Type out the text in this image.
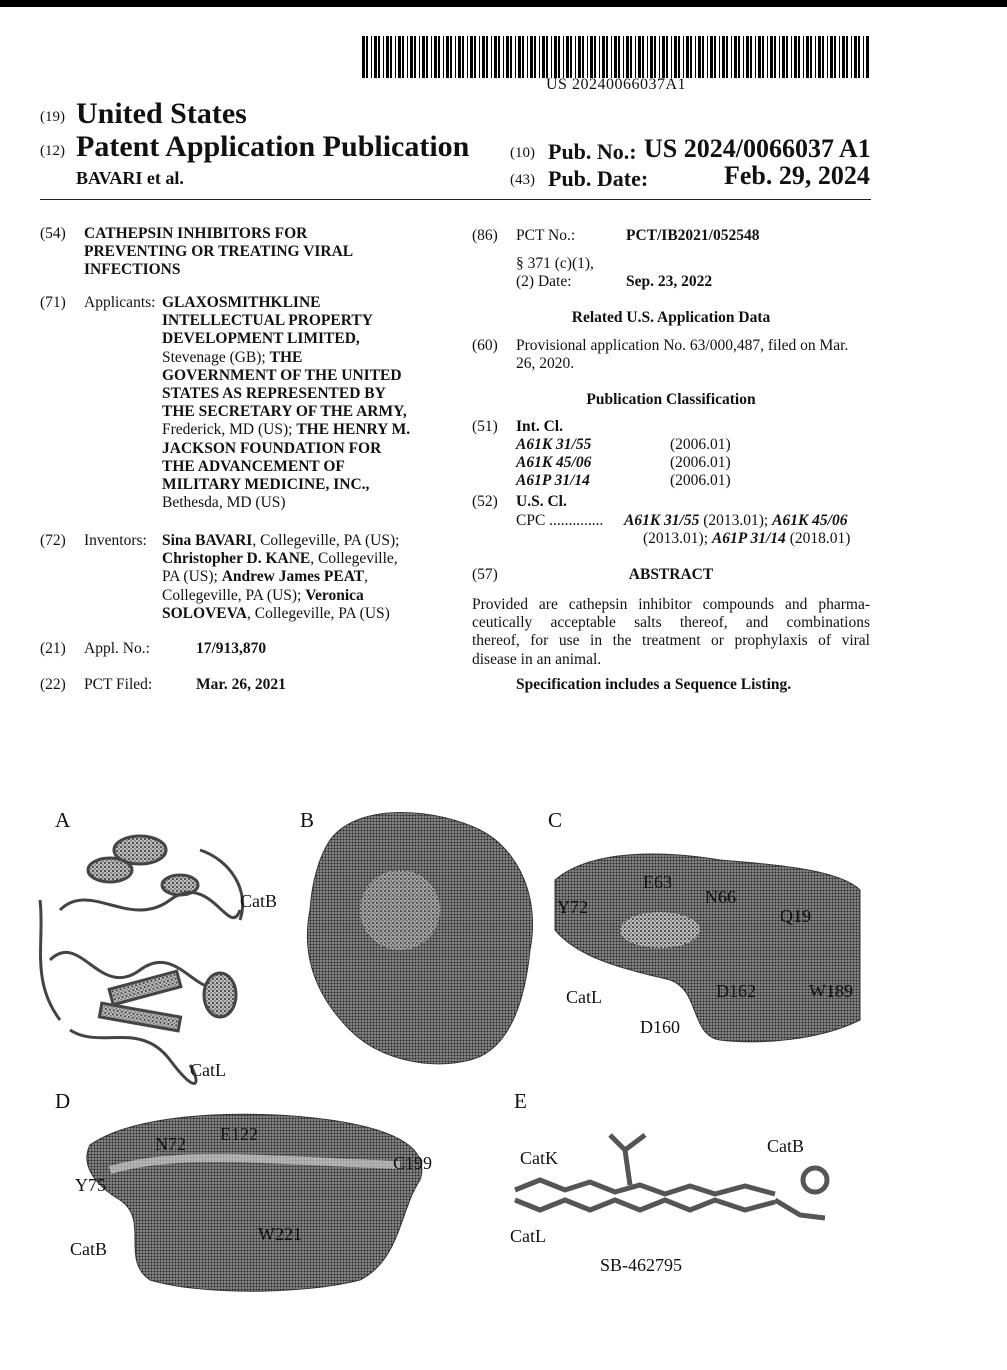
US 20240066037A1
(19) United States
(12) Patent Application Publication
BAVARI et al.
(10) Pub. No.: US 2024/0066037 A1
(43) Pub. Date:	Feb. 29, 2024
(54) CATHEPSIN INHIBITORS FOR
PREVENTING OR TREATING VIRAL
INFECTIONS
(71) Applicants: GLAXOSMITHKLINE
INTELLECTUAL PROPERTY
DEVELOPMENT LIMITED,
Stevenage (GB); THE
GOVERNMENT OF THE UNITED
STATES AS REPRESENTED BY
THE SECRETARY OF THE ARMY,
Frederick, MD (US); THE HENRY M.
JACKSON FOUNDATION FOR
THE ADVANCEMENT OF
MILITARY MEDICINE, INC.,
Bethesda, MD (US)
(72) Inventors: Sina BAVARI, Collegeville, PA (US);
Christopher D. KANE, Collegeville,
PA (US); Andrew James PEAT,
Collegeville, PA (US); Veronica
SOLOVEVA, Collegeville, PA (US)
(21) Appl. No.:	17/913,870
(22) PCT Filed:	Mar. 26, 2021
(86) PCT No.:	PCT/IB2021/052548
§ 371 (c)(1),
(2) Date:	Sep. 23, 2022
Related U.S. Application Data
(60) Provisional application No. 63/000,487, filed on Mar.
26, 2020.
Publication Classification
(51) Int. Cl.
A61K 31/55	(2006.01)
A61K 45/06	(2006.01)
A61P 31/14	(2006.01)
(52) U.S. Cl.
CPC .............. A61K 31/55 (2013.01); A61K 45/06
(2013.01); A61P 31/14 (2018.01)
(57)	ABSTRACT
Provided are cathepsin inhibitor compounds and pharma-
ceutically acceptable salts thereof, and combinations
thereof, for use in the treatment or prophylaxis of viral
disease in an animal.
Specification includes a Sequence Listing.
A	B	C
D	E
CatB
CatL
Y72
E63
N66
Q19
CatL	D162	W189
D160
N72 E122
C199
Y75
CatB
W221
CatK
CatB
CatL
SB-462795
